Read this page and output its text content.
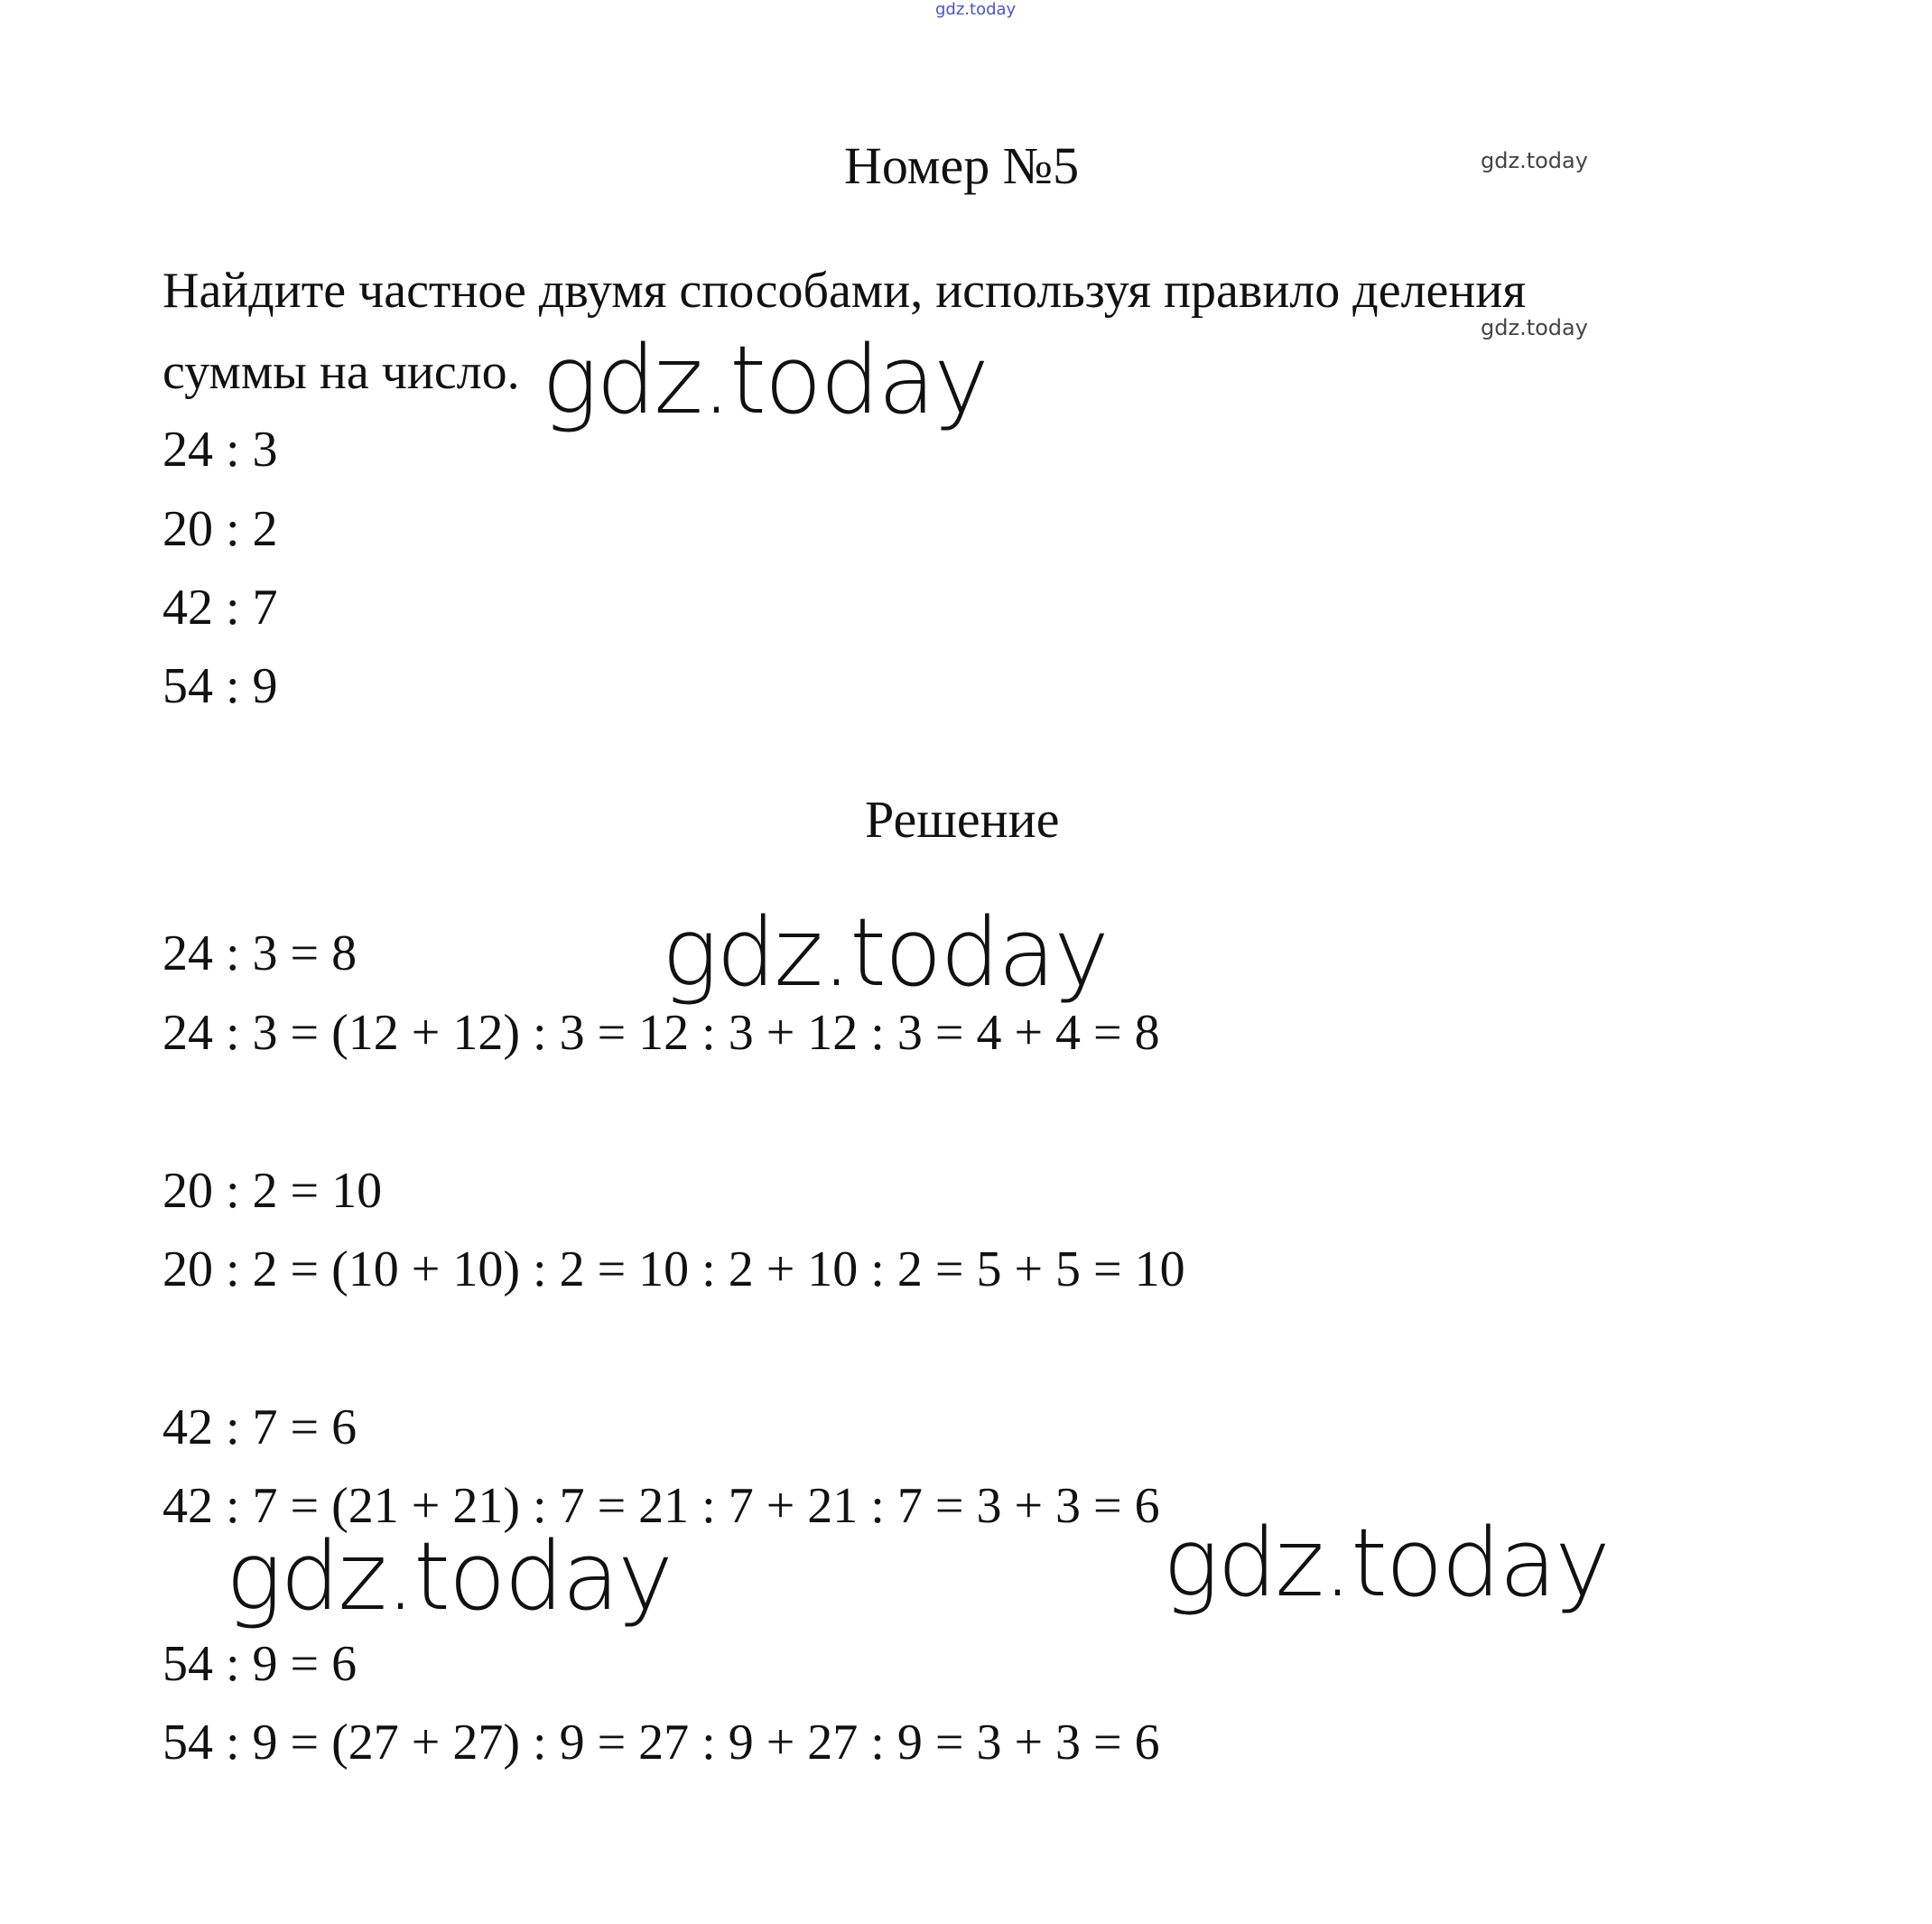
gdz.today
Номер №5	gdz.today
Найдите частное двумя способами, используя правило деления
gdz.today
суммы на число. gdz.today
24 : 3
20 : 2
42 : 7
54 : 9
Решение
gdz.today
24 : 3 = 8
24 : 3 = (12 + 12) : 3 = 12 : 3 + 12 : 3 = 4 + 4 = 8
20 : 2 = 10
20 : 2 = (10 + 10) : 2 = 10 : 2 + 10 : 2 = 5 + 5 = 10
42 : 7 = 6
42 : 7 = (21 + 21) : 7 = 21 : 7 + 21 : 7 = 3 + 3 = 6
gdz.today	gdz.today
54 : 9 = 6
54 : 9 = (27 + 27) : 9 = 27 : 9 + 27 : 9 = 3 + 3 = 6
